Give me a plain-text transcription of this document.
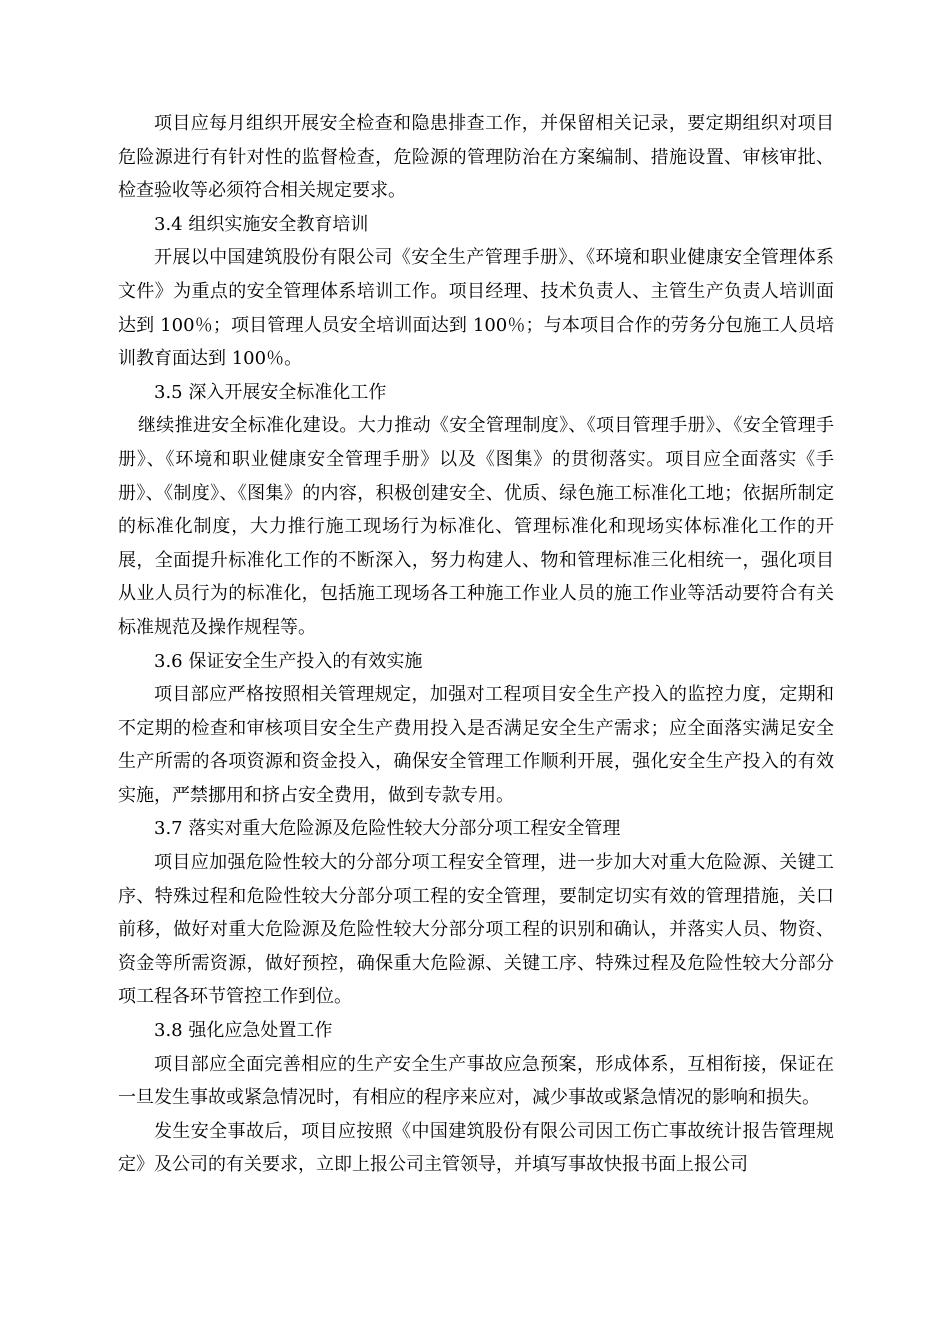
项目应每月组织开展安全检查和隐患排查工作，并保留相关记录，要定期组织对项目危险源进行有针对性的监督检查，危险源的管理防治在方案编制、措施设置、审核审批、检查验收等必须符合相关规定要求。

3.4 组织实施安全教育培训

开展以中国建筑股份有限公司《安全生产管理手册》、《环境和职业健康安全管理体系文件》为重点的安全管理体系培训工作。项目经理、技术负责人、主管生产负责人培训面达到 100％；项目管理人员安全培训面达到 100％；与本项目合作的劳务分包施工人员培训教育面达到 100％。

3.5 深入开展安全标准化工作

继续推进安全标准化建设。大力推动《安全管理制度》、《项目管理手册》、《安全管理手册》、《环境和职业健康安全管理手册》以及《图集》的贯彻落实。项目应全面落实《手册》、《制度》、《图集》的内容，积极创建安全、优质、绿色施工标准化工地；依据所制定的标准化制度，大力推行施工现场行为标准化、管理标准化和现场实体标准化工作的开展，全面提升标准化工作的不断深入，努力构建人、物和管理标准三化相统一，强化项目从业人员行为的标准化，包括施工现场各工种施工作业人员的施工作业等活动要符合有关标准规范及操作规程等。

3.6 保证安全生产投入的有效实施

项目部应严格按照相关管理规定，加强对工程项目安全生产投入的监控力度，定期和不定期的检查和审核项目安全生产费用投入是否满足安全生产需求；应全面落实满足安全生产所需的各项资源和资金投入，确保安全管理工作顺利开展，强化安全生产投入的有效实施，严禁挪用和挤占安全费用，做到专款专用。

3.7 落实对重大危险源及危险性较大分部分项工程安全管理

项目应加强危险性较大的分部分项工程安全管理，进一步加大对重大危险源、关键工序、特殊过程和危险性较大分部分项工程的安全管理，要制定切实有效的管理措施，关口前移，做好对重大危险源及危险性较大分部分项工程的识别和确认，并落实人员、物资、资金等所需资源，做好预控，确保重大危险源、关键工序、特殊过程及危险性较大分部分项工程各环节管控工作到位。

3.8 强化应急处置工作

项目部应全面完善相应的生产安全生产事故应急预案，形成体系，互相衔接，保证在一旦发生事故或紧急情况时，有相应的程序来应对，减少事故或紧急情况的影响和损失。

发生安全事故后，项目应按照《中国建筑股份有限公司因工伤亡事故统计报告管理规定》及公司的有关要求，立即上报公司主管领导，并填写事故快报书面上报公司
